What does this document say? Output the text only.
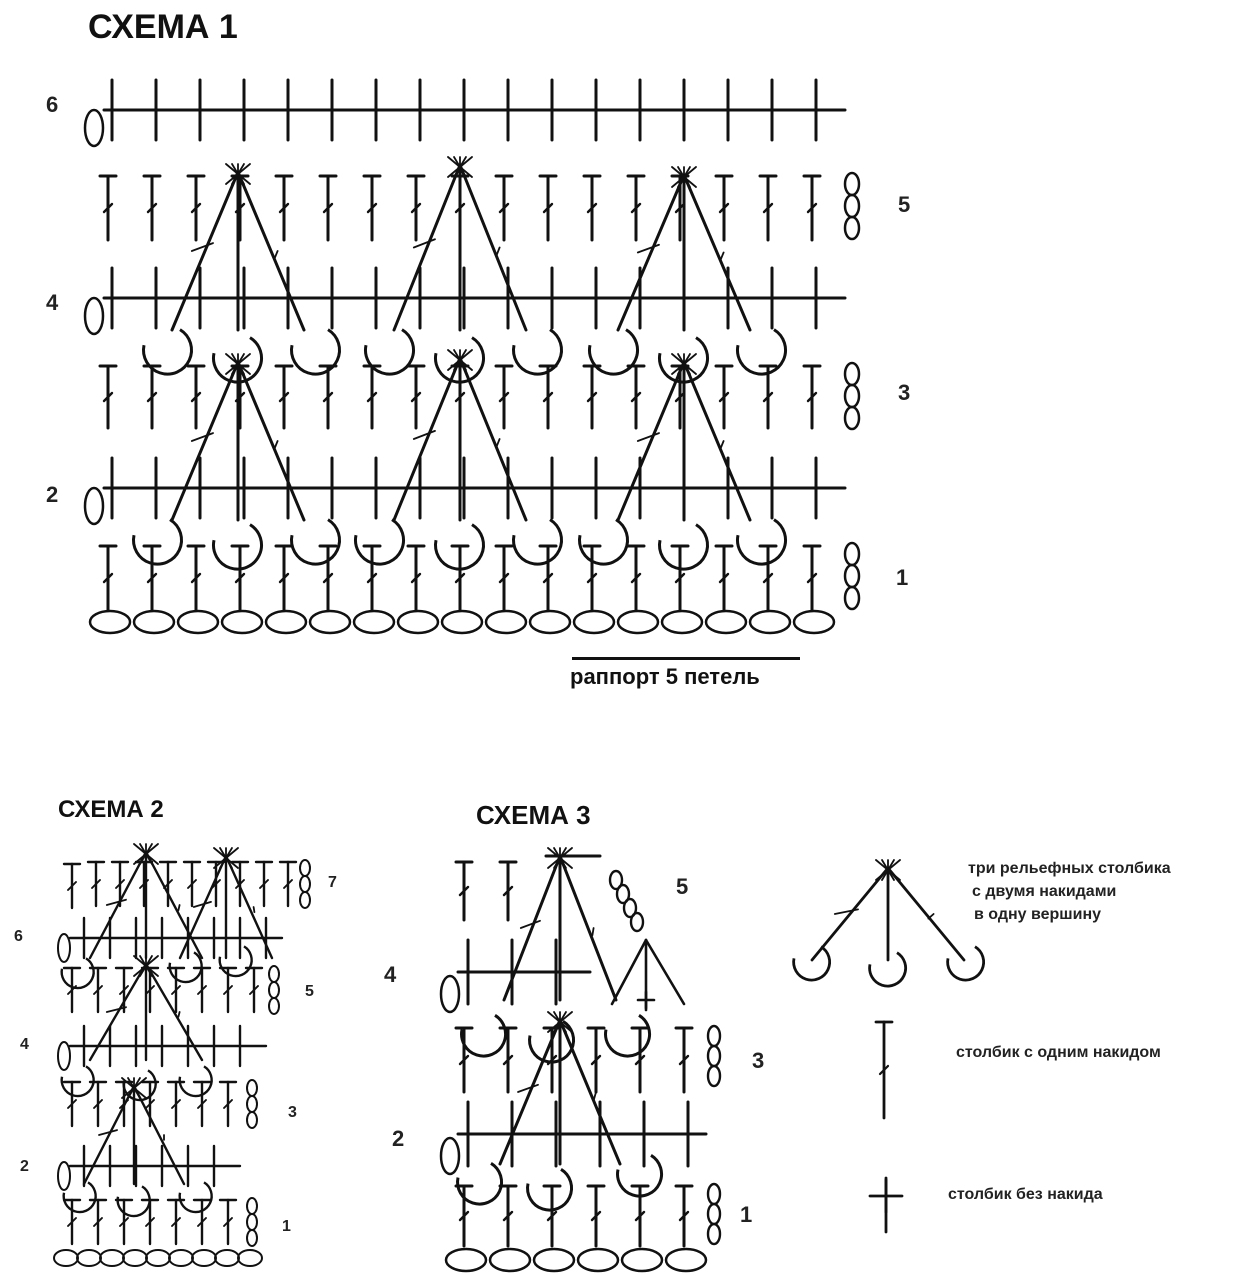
СХЕМА 1
6
5
4
3
2
1
раппорт 5 петель
СХЕМА 2
7
6
5
4
3
2
1
СХЕМА 3
5
4
3
2
1
три рельефных столбика
с двумя накидами
в одну вершину
столбик с одним накидом
столбик без накида
